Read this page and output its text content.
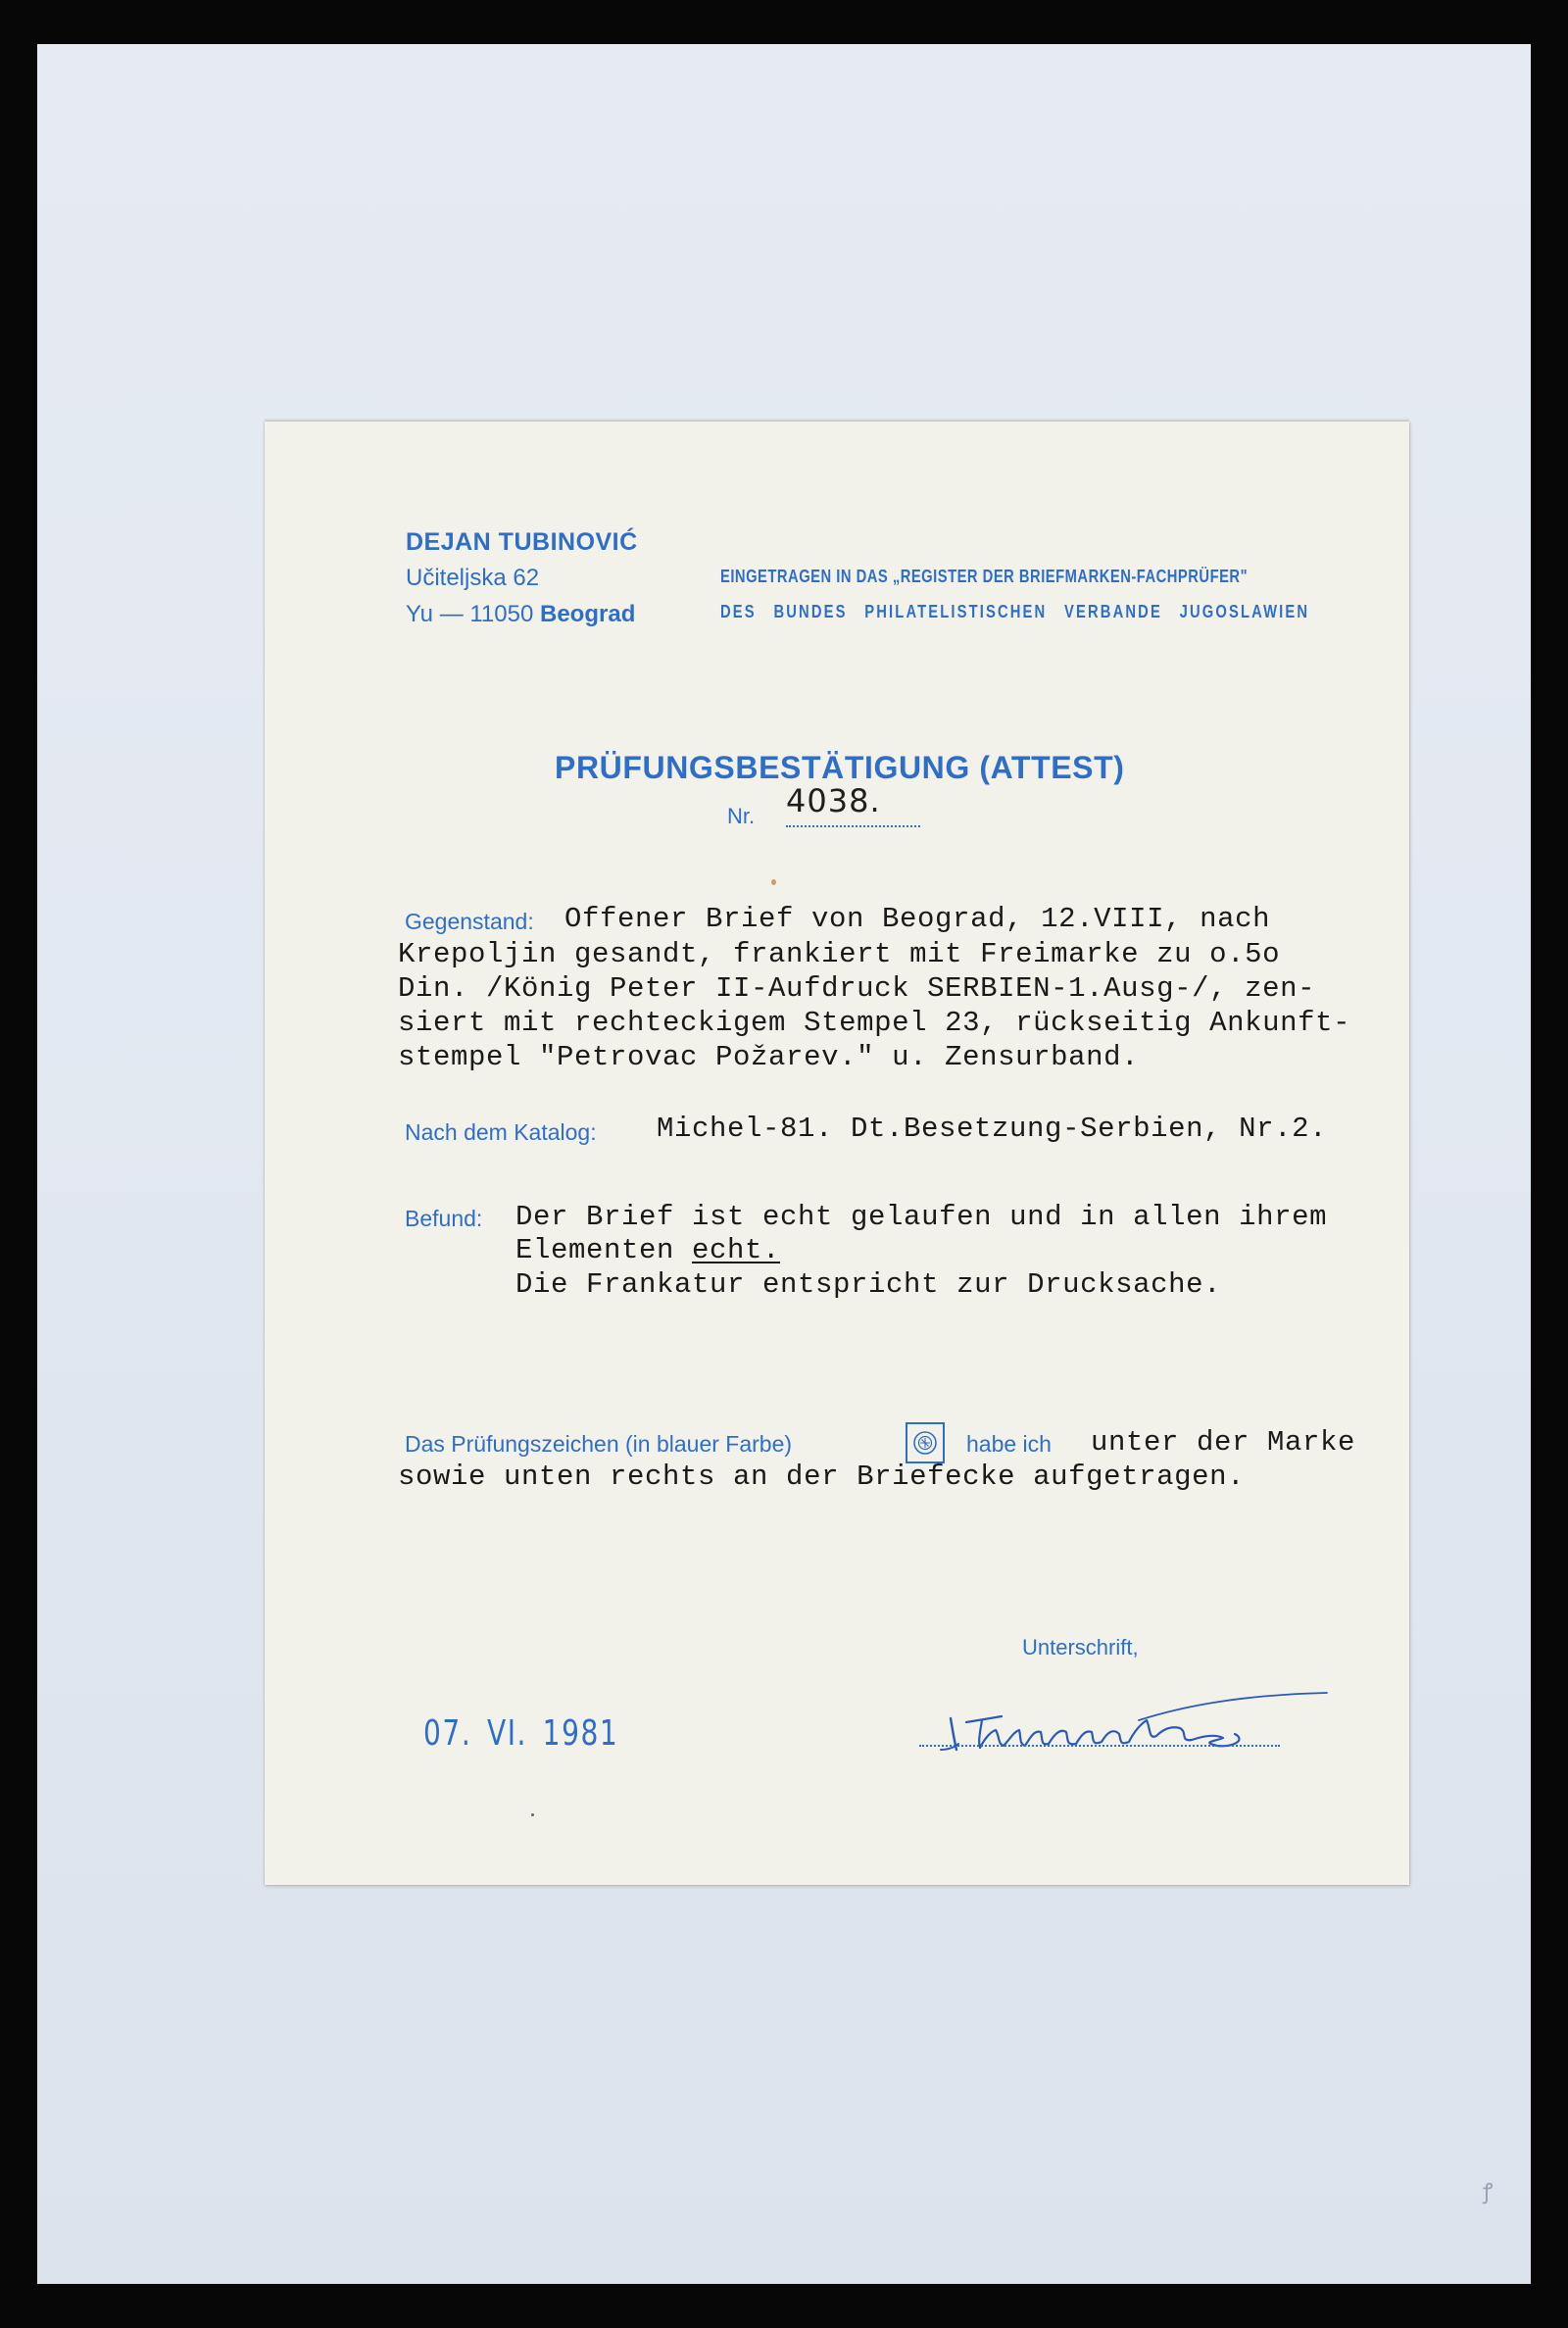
ꝭ
DEJAN TUBINOVIĆ
Učiteljska 62
Yu — 11050 Beograd
EINGETRAGEN IN DAS „REGISTER DER BRIEFMARKEN-FACHPRÜFER"
DES BUNDES PHILATELISTISCHEN VERBANDE JUGOSLAWIEN
PRÜFUNGSBESTÄTIGUNG (ATTEST)
Nr. 4038.
Gegenstand: Offener Brief von Beograd, 12.VIII, nach
Krepoljin gesandt, frankiert mit Freimarke zu o.5o
Din. /König Peter II-Aufdruck SERBIEN-1.Ausg-/, zen-
siert mit rechteckigem Stempel 23, rückseitig Ankunft-
stempel "Petrovac Požarev." u. Zensurband.
Nach dem Katalog: Michel-81. Dt.Besetzung-Serbien, Nr.2.
Befund: Der Brief ist echt gelaufen und in allen ihrem
Elementen echt.
Die Frankatur entspricht zur Drucksache.
Das Prüfungszeichen (in blauer Farbe)	habe ich unter der Marke
sowie unten rechts an der Briefecke aufgetragen.
Unterschrift,
07. VI. 1981
